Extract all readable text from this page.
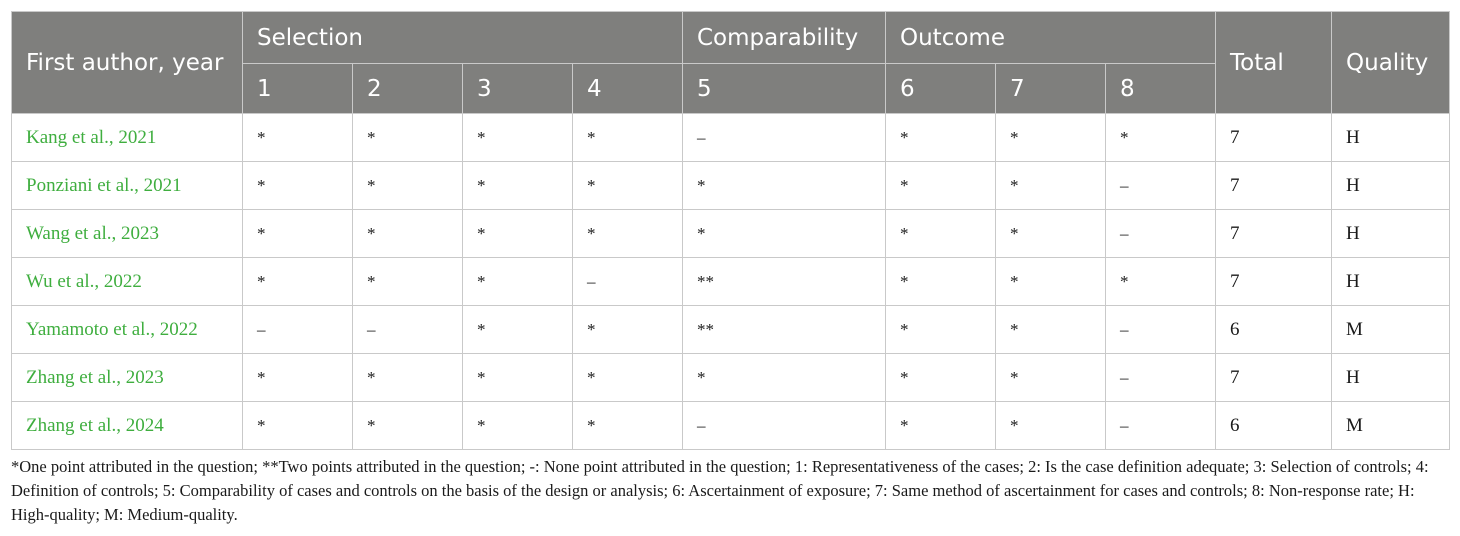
First author, year	Selection				Comparability	Outcome			Total	Quality
	1	2	3	4	5	6	7	8		
Kang et al., 2021	*	*	*	*	–	*	*	*	7	H
Ponziani et al., 2021	*	*	*	*	*	*	*	–	7	H
Wang et al., 2023	*	*	*	*	*	*	*	–	7	H
Wu et al., 2022	*	*	*	–	**	*	*	*	7	H
Yamamoto et al., 2022	–	–	*	*	**	*	*	–	6	M
Zhang et al., 2023	*	*	*	*	*	*	*	–	7	H
Zhang et al., 2024	*	*	*	*	–	*	*	–	6	M
*One point attributed in the question; **Two points attributed in the question; -: None point attributed in the question; 1: Representativeness of the cases; 2: Is the case definition adequate; 3: Selection of controls; 4: Definition of controls; 5: Comparability of cases and controls on the basis of the design or analysis; 6: Ascertainment of exposure; 7: Same method of ascertainment for cases and controls; 8: Non-response rate; H: High-quality; M: Medium-quality.
